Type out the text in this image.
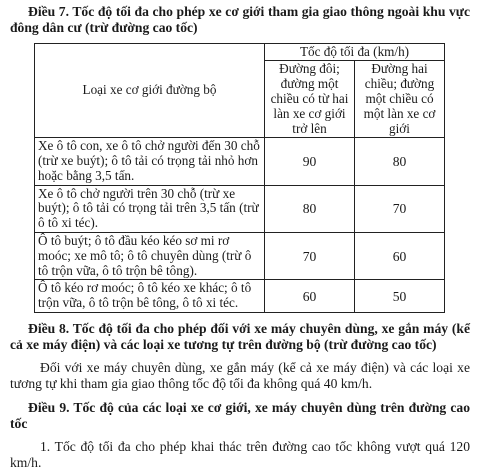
Điều 7. Tốc độ tối đa cho phép xe cơ giới tham gia giao thông ngoài khu vực đông dân cư (trừ đường cao tốc)

Loại xe cơ giới đường bộ	Tốc độ tối đa (km/h)	
	Đường đôi; đường một chiều có từ hai làn xe cơ giới trở lên	Đường hai chiều; đường một chiều có một làn xe cơ giới
Xe ô tô con, xe ô tô chở người đến 30 chỗ (trừ xe buýt); ô tô tải có trọng tải nhỏ hơn hoặc bằng 3,5 tấn.	90	80
Xe ô tô chở người trên 30 chỗ (trừ xe buýt); ô tô tải có trọng tải trên 3,5 tấn (trừ ô tô xi téc).	80	70
Ô tô buýt; ô tô đầu kéo kéo sơ mi rơ moóc; xe mô tô; ô tô chuyên dùng (trừ ô tô trộn vữa, ô tô trộn bê tông).	70	60
Ô tô kéo rơ moóc; ô tô kéo xe khác; ô tô trộn vữa, ô tô trộn bê tông, ô tô xi téc.	60	50

Điều 8. Tốc độ tối đa cho phép đối với xe máy chuyên dùng, xe gắn máy (kể cả xe máy điện) và các loại xe tương tự trên đường bộ (trừ đường cao tốc)

Đối với xe máy chuyên dùng, xe gắn máy (kể cả xe máy điện) và các loại xe tương tự khi tham gia giao thông tốc độ tối đa không quá 40 km/h.

Điều 9. Tốc độ của các loại xe cơ giới, xe máy chuyên dùng trên đường cao tốc

1. Tốc độ tối đa cho phép khai thác trên đường cao tốc không vượt quá 120 km/h.
